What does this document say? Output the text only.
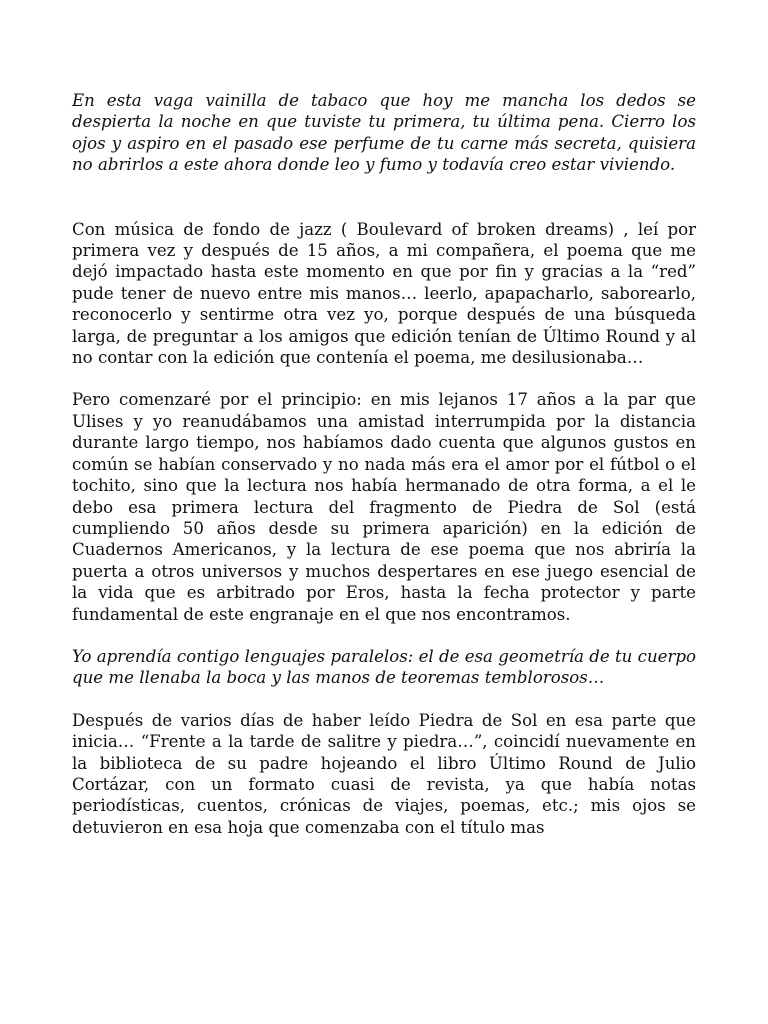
En esta vaga vainilla de tabaco que hoy me mancha los dedos se despierta la noche en que tuviste tu primera, tu última pena. Cierro los ojos y aspiro en el pasado ese perfume de tu carne más secreta, quisiera no abrirlos a este ahora donde leo y fumo y todavía creo estar viviendo.

Con música de fondo de jazz ( Boulevard of broken dreams) , leí por primera vez y después de 15 años, a mi compañera, el poema que me dejó impactado hasta este momento en que por fin y gracias a la “red” pude tener de nuevo entre mis manos… leerlo, apapacharlo, saborearlo, reconocerlo y sentirme otra vez yo, porque después de una búsqueda larga, de preguntar a los amigos que edición tenían de Último Round y al no contar con la edición que contenía el poema, me desilusionaba…

Pero comenzaré por el principio: en mis lejanos 17 años a la par que Ulises y yo reanudábamos una amistad interrumpida por la distancia durante largo tiempo, nos habíamos dado cuenta que algunos gustos en común se habían conservado y no nada más era el amor por el fútbol o el tochito, sino que la lectura nos había hermanado de otra forma, a el le debo esa primera lectura del fragmento de Piedra de Sol (está cumpliendo 50 años desde su primera aparición) en la edición de Cuadernos Americanos, y la lectura de ese poema que nos abriría la puerta a otros universos y muchos despertares en ese juego esencial de la vida que es arbitrado por Eros, hasta la fecha protector y parte fundamental de este engranaje en el que nos encontramos.

Yo aprendía contigo lenguajes paralelos: el de esa geometría de tu cuerpo que me llenaba la boca y las manos de teoremas temblorosos…

Después de varios días de haber leído Piedra de Sol en esa parte que inicia… “Frente a la tarde de salitre y piedra…”, coincidí nuevamente en la biblioteca de su padre hojeando el libro Último Round de Julio Cortázar, con un formato cuasi de revista, ya que había notas periodísticas, cuentos, crónicas de viajes, poemas, etc.; mis ojos se detuvieron en esa hoja que comenzaba con el título mas
